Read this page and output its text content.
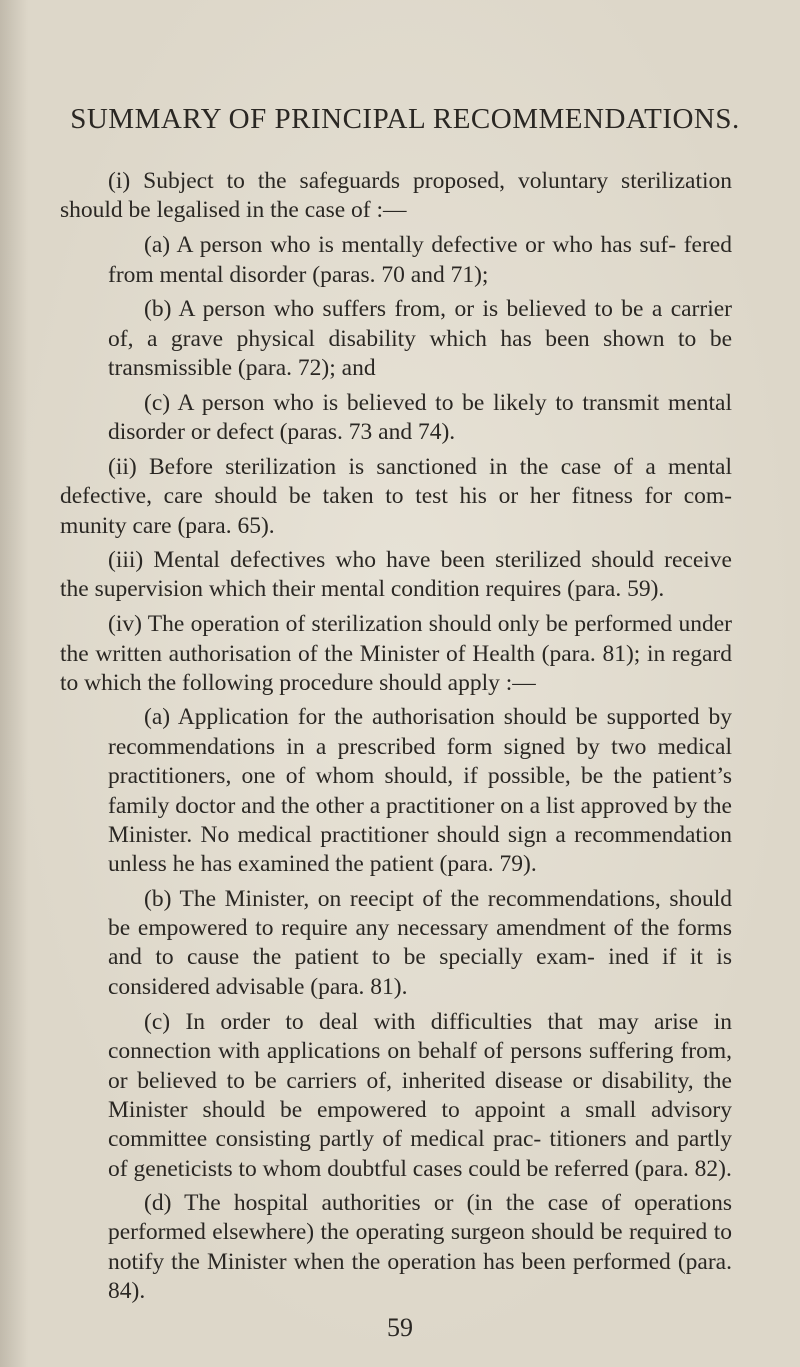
SUMMARY OF PRINCIPAL RECOMMENDATIONS.

(i) Subject to the safeguards proposed, voluntary sterilization should be legalised in the case of :—

(a) A person who is mentally defective or who has suf- fered from mental disorder (paras. 70 and 71);

(b) A person who suffers from, or is believed to be a carrier of, a grave physical disability which has been shown to be transmissible (para. 72); and

(c) A person who is believed to be likely to transmit mental disorder or defect (paras. 73 and 74).

(ii) Before sterilization is sanctioned in the case of a mental defective, care should be taken to test his or her fitness for com- munity care (para. 65).

(iii) Mental defectives who have been sterilized should receive the supervision which their mental condition requires (para. 59).

(iv) The operation of sterilization should only be performed under the written authorisation of the Minister of Health (para. 81); in regard to which the following procedure should apply :—

(a) Application for the authorisation should be supported by recommendations in a prescribed form signed by two medical practitioners, one of whom should, if possible, be the patient’s family doctor and the other a practitioner on a list approved by the Minister. No medical practitioner should sign a recommendation unless he has examined the patient (para. 79).

(b) The Minister, on reecipt of the recommendations, should be empowered to require any necessary amendment of the forms and to cause the patient to be specially exam- ined if it is considered advisable (para. 81).

(c) In order to deal with difficulties that may arise in connection with applications on behalf of persons suffering from, or believed to be carriers of, inherited disease or disability, the Minister should be empowered to appoint a small advisory committee consisting partly of medical prac- titioners and partly of geneticists to whom doubtful cases could be referred (para. 82).

(d) The hospital authorities or (in the case of operations performed elsewhere) the operating surgeon should be required to notify the Minister when the operation has been performed (para. 84).

59
